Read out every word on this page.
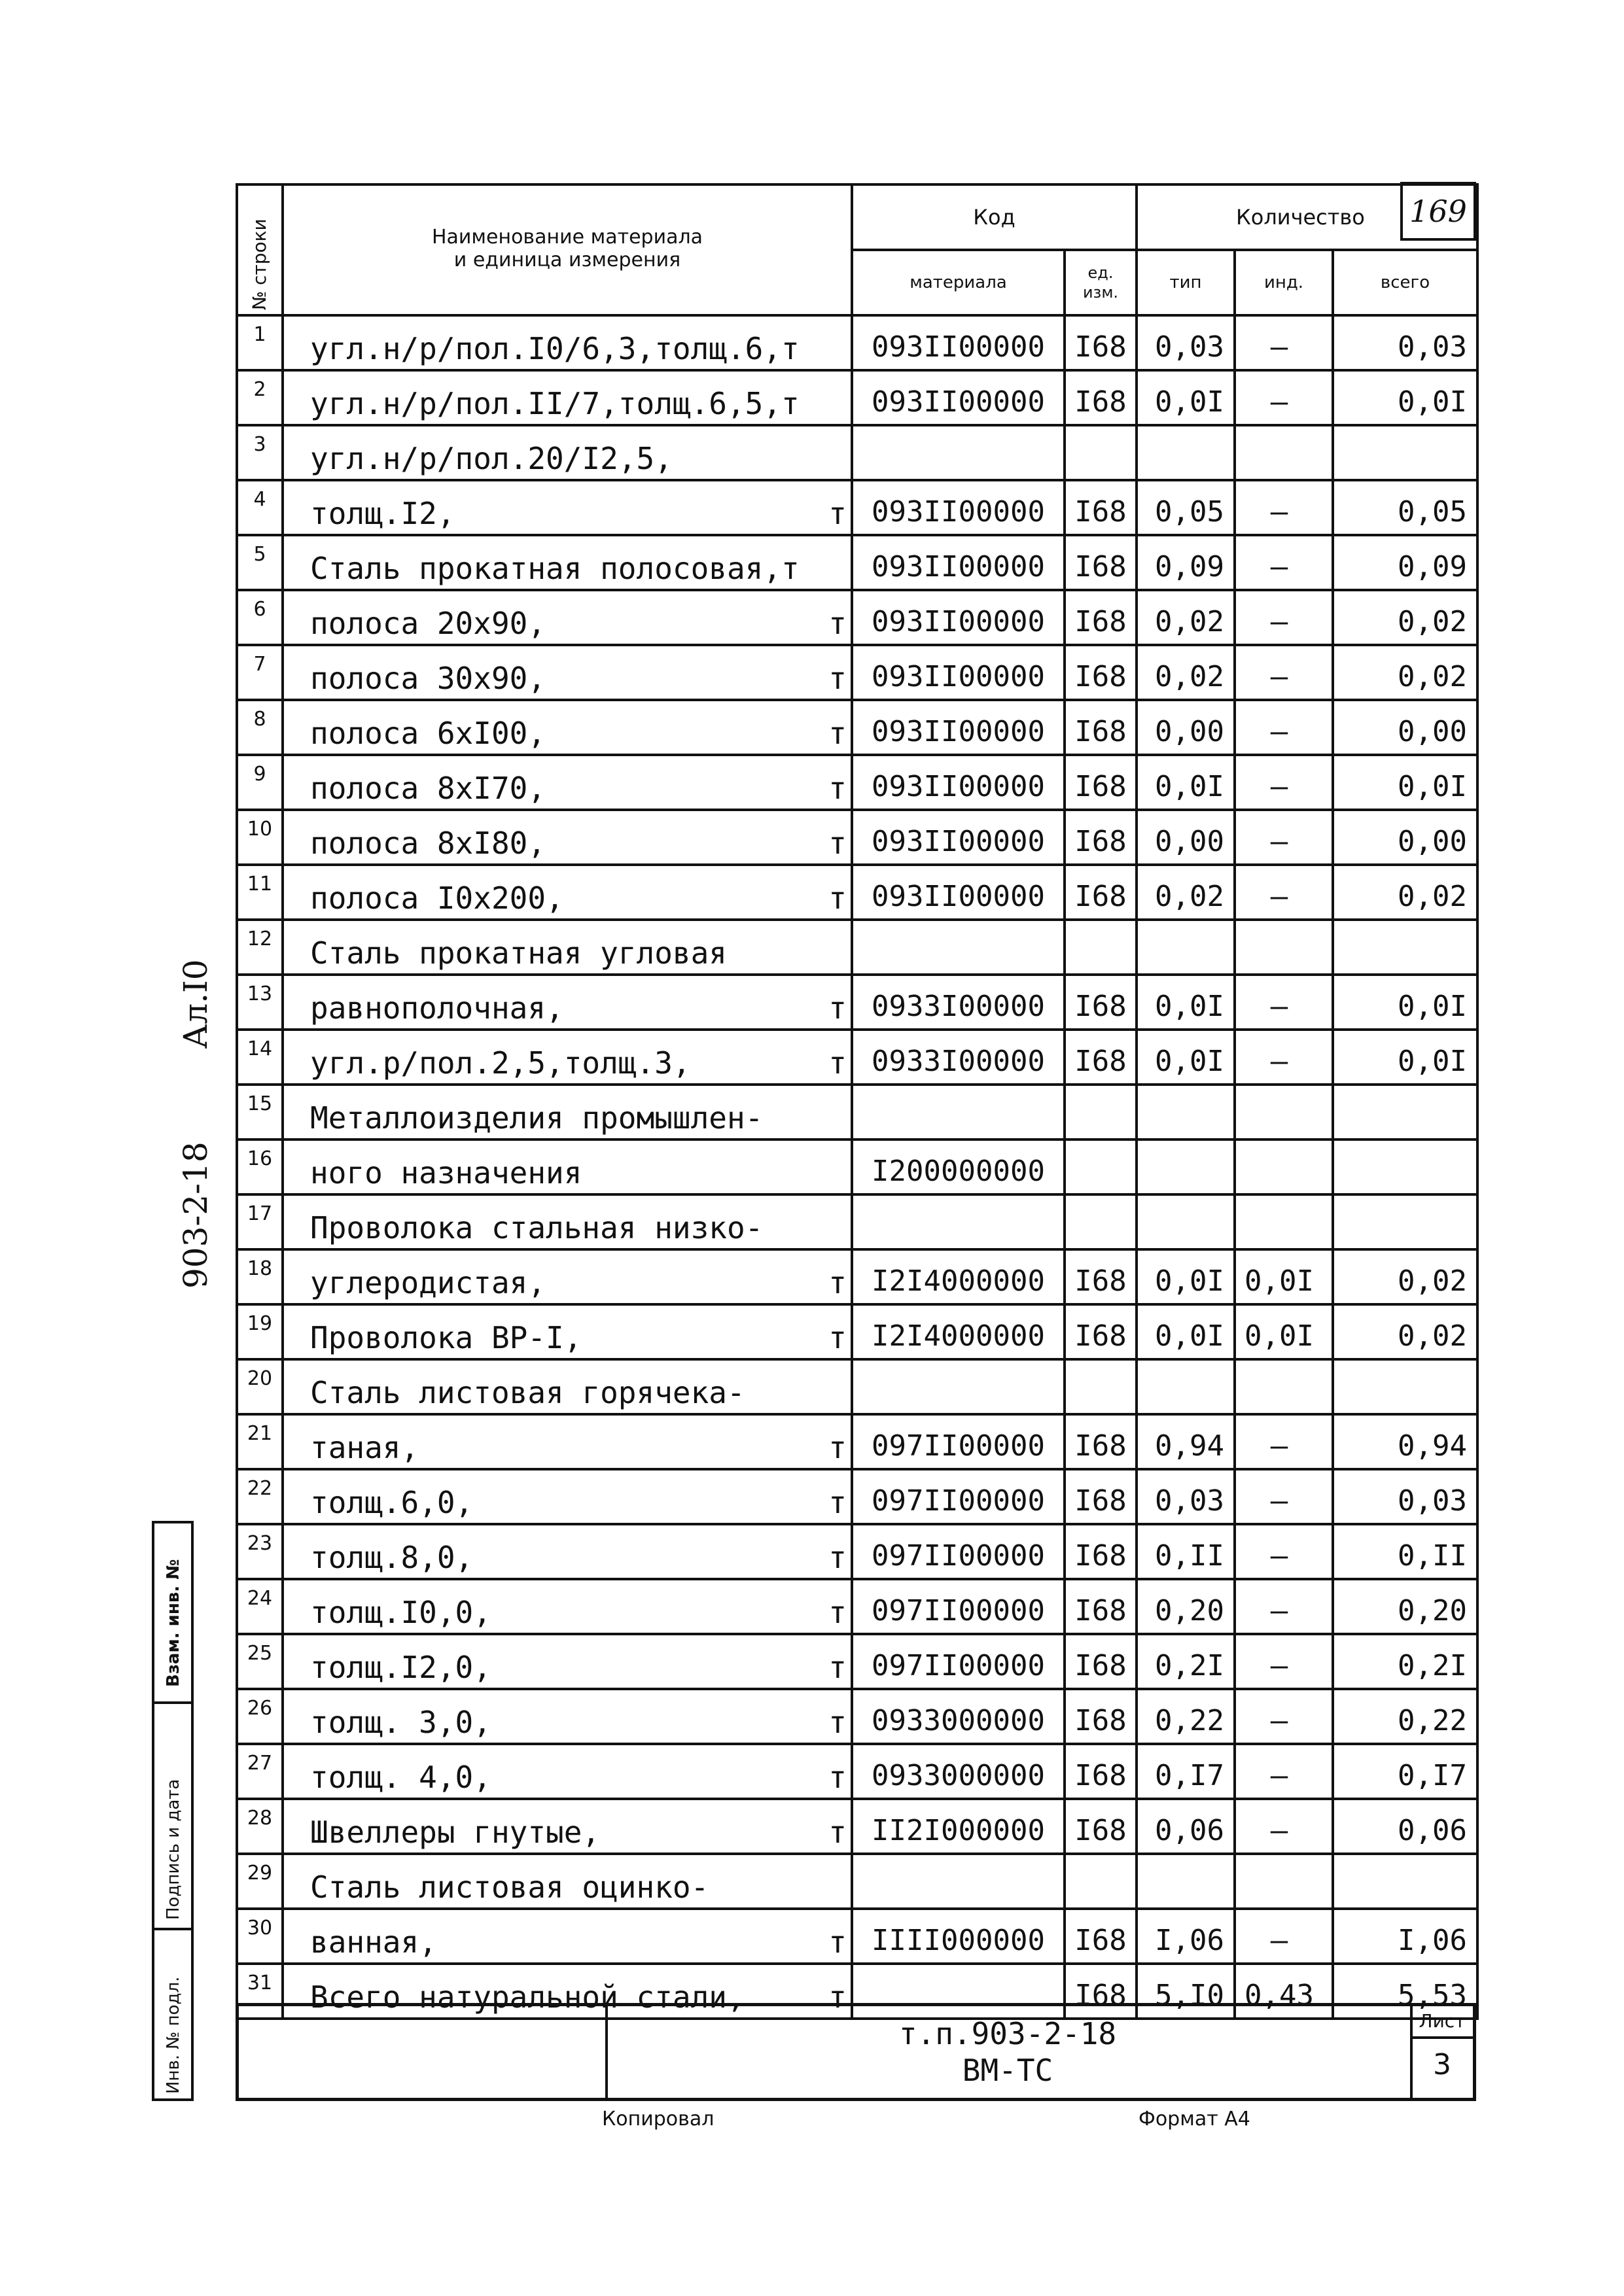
169
№ строки	Наименование материала
и единица измерения	Код		Количество		
		материала	ед.
изм.	тип	инд.	всего
1	угл.н/р/пол.I0/6,3,толщ.6,т	093II00000	I68	0,03	–	0,03
2	угл.н/р/пол.II/7,толщ.6,5,т	093II00000	I68	0,0I	–	0,0I
3	угл.н/р/пол.20/I2,5,					

4	толщ.I2, т	093II00000	I68	0,05	–	0,05
5	Сталь прокатная полосовая,т	093II00000	I68	0,09	–	0,09
6	полоса 20x90, т	093II00000	I68	0,02	–	0,02
7	полоса 30x90, т	093II00000	I68	0,02	–	0,02
8	полоса 6xI00, т	093II00000	I68	0,00	–	0,00
9	полоса 8xI70, т	093II00000	I68	0,0I	–	0,0I
10	полоса 8xI80, т	093II00000	I68	0,00	–	0,00
11	полоса I0x200, т	093II00000	I68	0,02	–	0,02
12	Сталь прокатная угловая					

13	равнополочная, т	0933I00000	I68	0,0I	–	0,0I
14	угл.р/пол.2,5,толщ.3, т	0933I00000	I68	0,0I	–	0,0I
15	Металлоизделия промышлен-					

16	ного назначения	I200000000				
17	Проволока стальная низко-					

18	углеродистая, т	I2I4000000	I68	0,0I	0,0I	0,02
19	Проволока ВР-I, т	I2I4000000	I68	0,0I	0,0I	0,02
20	Сталь листовая горячека-					

21	таная, т	097II00000	I68	0,94	–	0,94
22	толщ.6,0, т	097II00000	I68	0,03	–	0,03
23	толщ.8,0, т	097II00000	I68	0,II	–	0,II
24	толщ.I0,0, т	097II00000	I68	0,20	–	0,20
25	толщ.I2,0, т	097II00000	I68	0,2I	–	0,2I
26	толщ. 3,0, т	0933000000	I68	0,22	–	0,22
27	толщ. 4,0, т	0933000000	I68	0,I7	–	0,I7
28	Швеллеры гнутые, т	II2I000000	I68	0,06	–	0,06
29	Сталь листовая оцинко-					

30	ванная, т	IIII000000	I68	I,06	–	I,06
31	Всего натуральной стали, т		I68	5,I0	0,43	5,53
903-2-18  Ал.I0
Взам. инв. №
Подпись и дата
Инв. № подл.	т.п.903-2-18
ВМ-ТС
Лист
3
Копировал	Формат А4
